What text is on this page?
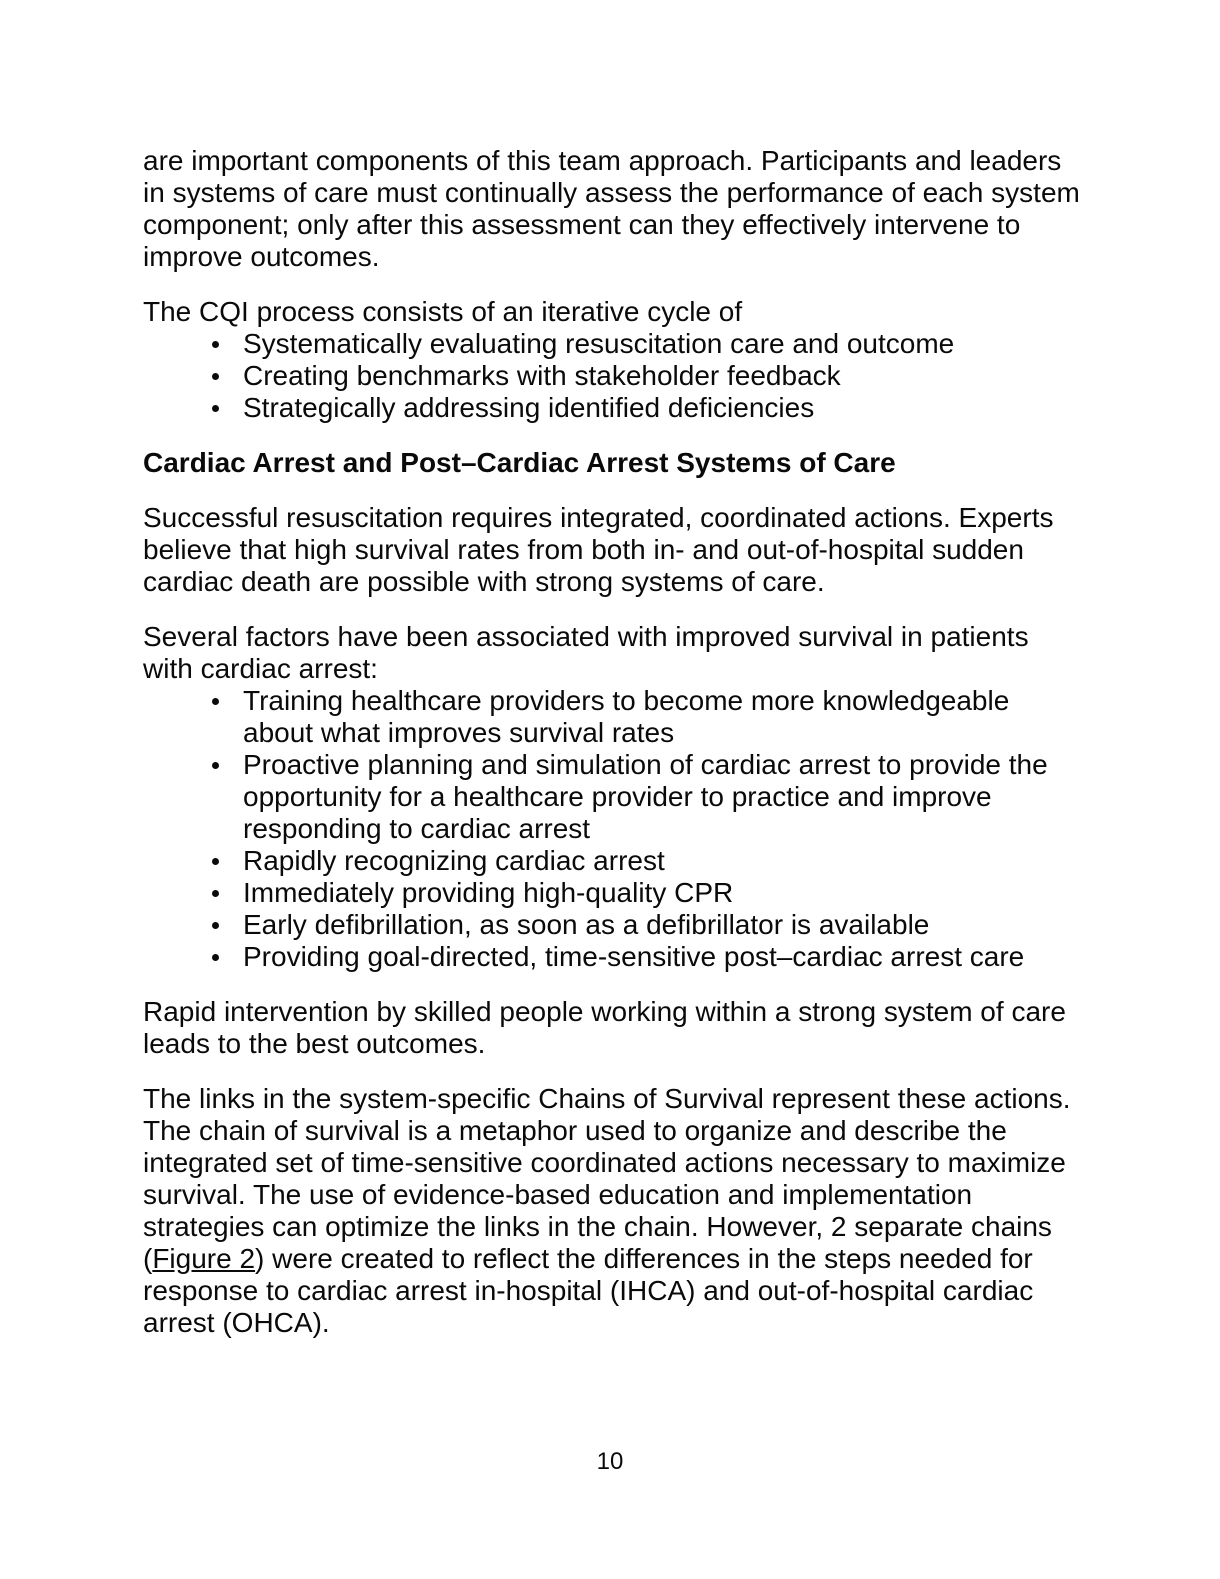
are important components of this team approach. Participants and leaders in systems of care must continually assess the performance of each system component; only after this assessment can they effectively intervene to improve outcomes.

The CQI process consists of an iterative cycle of

Systematically evaluating resuscitation care and outcome
Creating benchmarks with stakeholder feedback
Strategically addressing identified deficiencies
Cardiac Arrest and Post–Cardiac Arrest Systems of Care

Successful resuscitation requires integrated, coordinated actions. Experts believe that high survival rates from both in- and out-of-hospital sudden cardiac death are possible with strong systems of care.

Several factors have been associated with improved survival in patients with cardiac arrest:

Training healthcare providers to become more knowledgeable about what improves survival rates
Proactive planning and simulation of cardiac arrest to provide the opportunity for a healthcare provider to practice and improve responding to cardiac arrest
Rapidly recognizing cardiac arrest
Immediately providing high-quality CPR
Early defibrillation, as soon as a defibrillator is available
Providing goal-directed, time-sensitive post–cardiac arrest care

Rapid intervention by skilled people working within a strong system of care leads to the best outcomes.

The links in the system-specific Chains of Survival represent these actions. The chain of survival is a metaphor used to organize and describe the integrated set of time-sensitive coordinated actions necessary to maximize survival. The use of evidence-based education and implementation strategies can optimize the links in the chain. However, 2 separate chains (Figure 2) were created to reflect the differences in the steps needed for response to cardiac arrest in-hospital (IHCA) and out-of-hospital cardiac arrest (OHCA).

10
